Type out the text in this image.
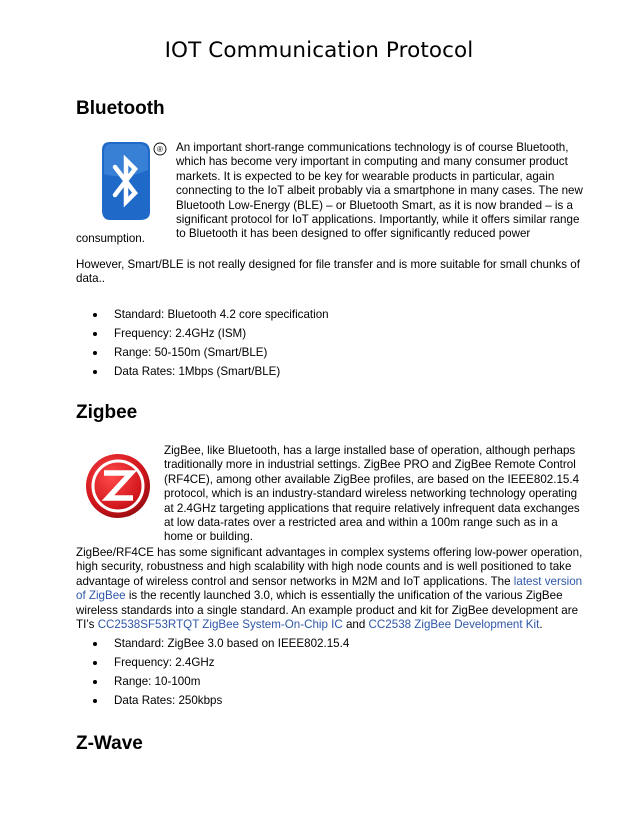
IOT Communication Protocol
Bluetooth
® An important short-range communications technology is of course Bluetooth,
which has become very important in computing and many consumer product
markets. It is expected to be key for wearable products in particular, again
connecting to the IoT albeit probably via a smartphone in many cases. The new
Bluetooth Low-Energy (BLE) – or Bluetooth Smart, as it is now branded – is a
significant protocol for IoT applications. Importantly, while it offers similar range
to Bluetooth it has been designed to offer significantly reduced power
consumption.
However, Smart/BLE is not really designed for file transfer and is more suitable for small chunks of
data..
Standard: Bluetooth 4.2 core specification
Frequency: 2.4GHz (ISM)
Range: 50-150m (Smart/BLE)
Data Rates: 1Mbps (Smart/BLE)
Zigbee
ZigBee, like Bluetooth, has a large installed base of operation, although perhaps
traditionally more in industrial settings. ZigBee PRO and ZigBee Remote Control
(RF4CE), among other available ZigBee profiles, are based on the IEEE802.15.4
protocol, which is an industry-standard wireless networking technology operating
at 2.4GHz targeting applications that require relatively infrequent data exchanges
at low data-rates over a restricted area and within a 100m range such as in a
home or building.
ZigBee/RF4CE has some significant advantages in complex systems offering low-power operation,
high security, robustness and high scalability with high node counts and is well positioned to take
advantage of wireless control and sensor networks in M2M and IoT applications. The latest version
of ZigBee is the recently launched 3.0, which is essentially the unification of the various ZigBee
wireless standards into a single standard. An example product and kit for ZigBee development are
TI’s CC2538SF53RTQT ZigBee System-On-Chip IC and CC2538 ZigBee Development Kit.
Standard: ZigBee 3.0 based on IEEE802.15.4
Frequency: 2.4GHz
Range: 10-100m
Data Rates: 250kbps
Z-Wave
